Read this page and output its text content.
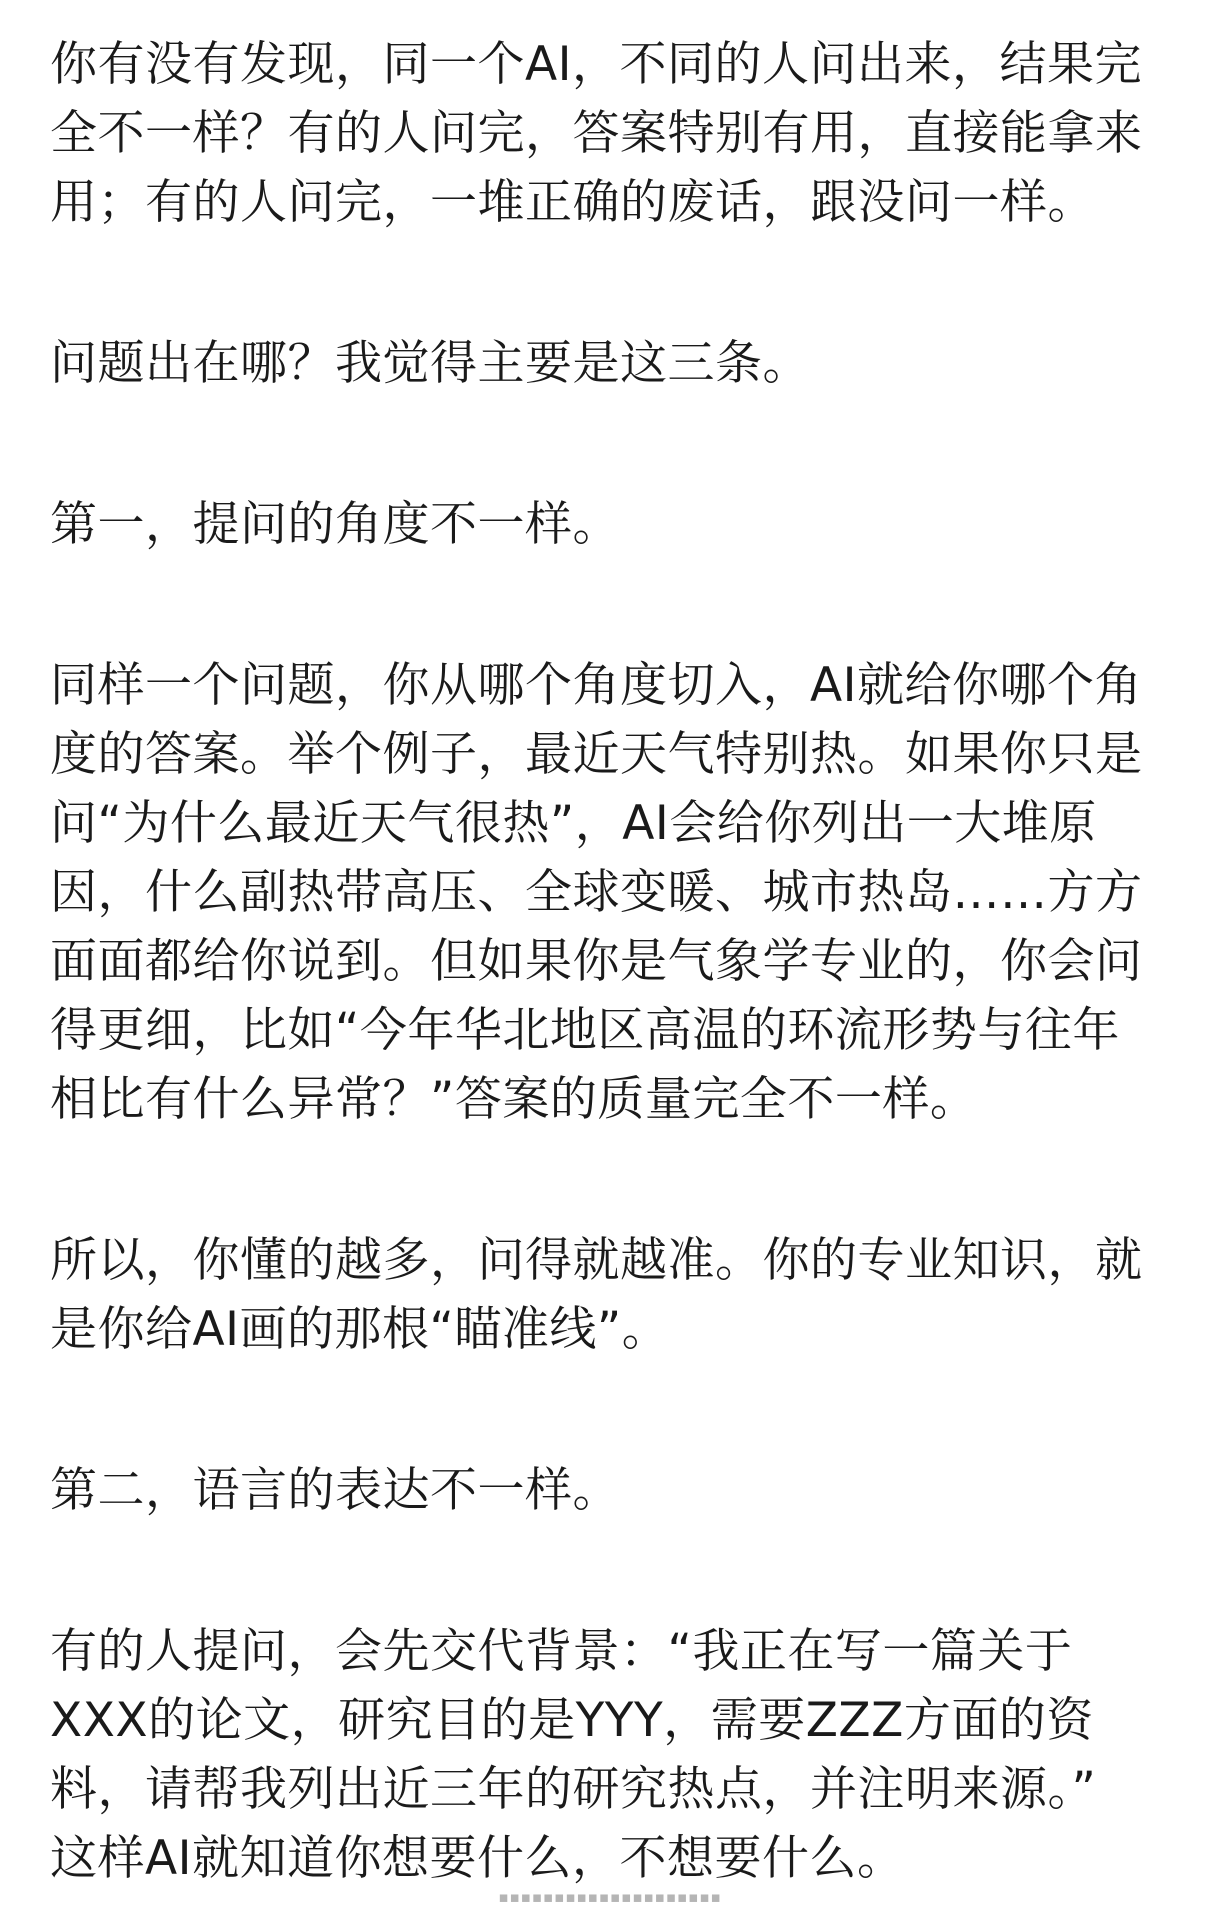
你有没有发现，同一个AI，不同的人问出来，结果完
全不一样？有的人问完，答案特别有用，直接能拿来
用；有的人问完，一堆正确的废话，跟没问一样。

问题出在哪？我觉得主要是这三条。

第一，提问的角度不一样。

同样一个问题，你从哪个角度切入，AI就给你哪个角
度的答案。举个例子，最近天气特别热。如果你只是
问“为什么最近天气很热”，AI会给你列出一大堆原
因，什么副热带高压、全球变暖、城市热岛……方方
面面都给你说到。但如果你是气象学专业的，你会问
得更细，比如“今年华北地区高温的环流形势与往年
相比有什么异常？”答案的质量完全不一样。

所以，你懂的越多，问得就越准。你的专业知识，就
是你给AI画的那根“瞄准线”。

第二，语言的表达不一样。

有的人提问，会先交代背景：“我正在写一篇关于
XXX的论文，研究目的是YYY，需要ZZZ方面的资
料，请帮我列出近三年的研究热点，并注明来源。”
这样AI就知道你想要什么，不想要什么。

▪▪▪▪▪▪▪▪▪▪▪▪▪▪▪▪▪▪▪▪
